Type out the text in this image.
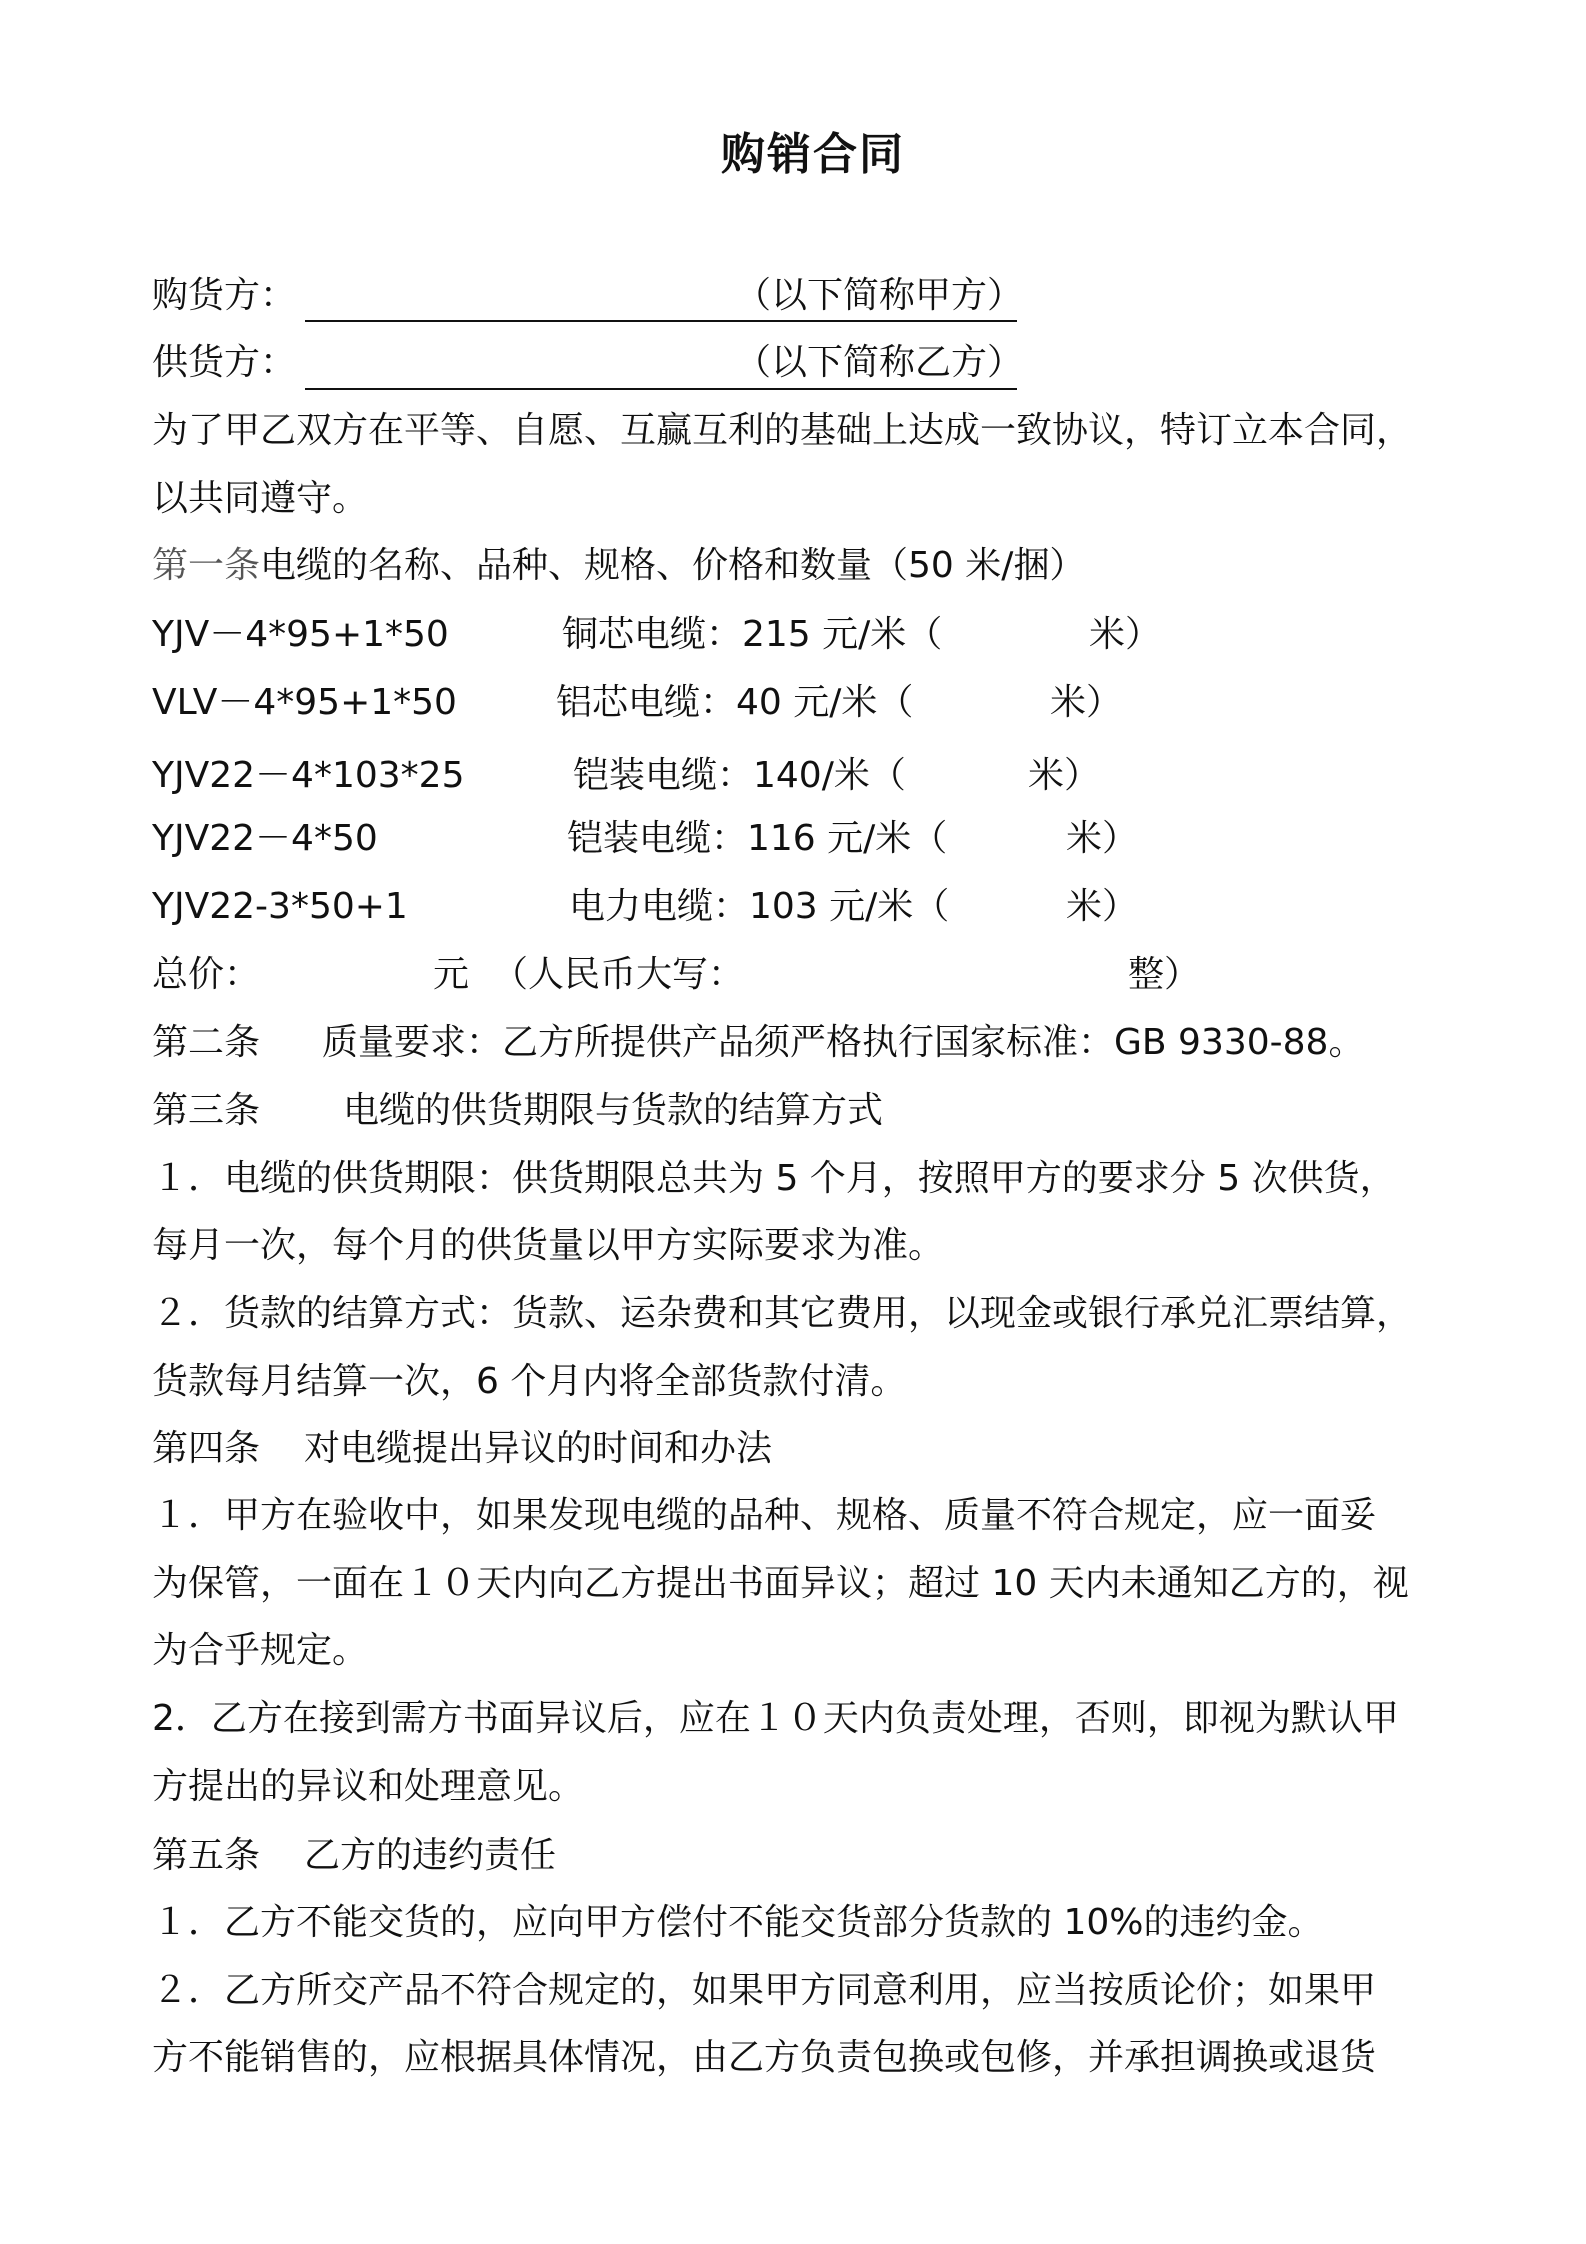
购销合同
购货方：	（以下简称甲方）
供货方：	（以下简称乙方）
为了甲乙双方在平等、自愿、互赢互利的基础上达成一致协议，特订立本合同，
以共同遵守。
第一条电缆的名称、品种、规格、价格和数量（50 米/捆）
YJV－4*95+1*50	铜芯电缆：215 元/米（	米）
VLV－4*95+1*50	铝芯电缆：40 元/米（	米）
YJV22－4*103*25	铠装电缆：140/米（	米）
YJV22－4*50	铠装电缆：116 元/米（	米）
YJV22-3*50+1	电力电缆：103 元/米（	米）
总价：	元 （人民币大写：	整）
第二条 质量要求：乙方所提供产品须严格执行国家标准：GB 9330-88。
第三条 电缆的供货期限与货款的结算方式
１．电缆的供货期限：供货期限总共为 5 个月，按照甲方的要求分 5 次供货，
每月一次，每个月的供货量以甲方实际要求为准。
２．货款的结算方式：货款、运杂费和其它费用，以现金或银行承兑汇票结算，
货款每月结算一次，6 个月内将全部货款付清。
第四条 对电缆提出异议的时间和办法
１．甲方在验收中，如果发现电缆的品种、规格、质量不符合规定，应一面妥
为保管，一面在１０天内向乙方提出书面异议；超过 10 天内未通知乙方的，视
为合乎规定。
2．乙方在接到需方书面异议后，应在１０天内负责处理，否则，即视为默认甲
方提出的异议和处理意见。
第五条 乙方的违约责任
１．乙方不能交货的，应向甲方偿付不能交货部分货款的 10%的违约金。
２．乙方所交产品不符合规定的，如果甲方同意利用，应当按质论价；如果甲
方不能销售的，应根据具体情况，由乙方负责包换或包修，并承担调换或退货
